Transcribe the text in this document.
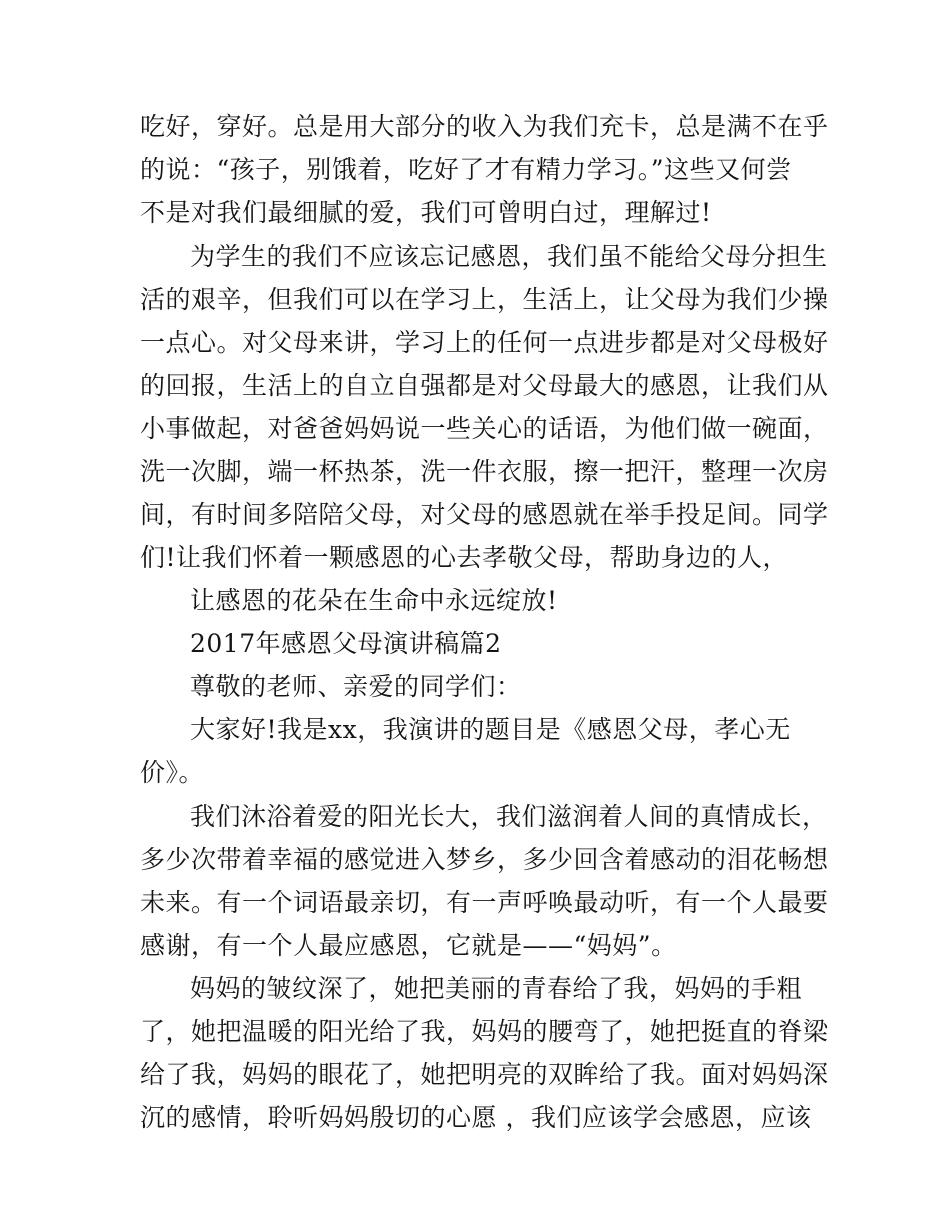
吃好，穿好。总是用大部分的收入为我们充卡，总是满不在乎
的说：“孩子，别饿着，吃好了才有精力学习。”这些又何尝
不是对我们最细腻的爱，我们可曾明白过，理解过!
为学生的我们不应该忘记感恩，我们虽不能给父母分担生
活的艰辛，但我们可以在学习上，生活上，让父母为我们少操
一点心。对父母来讲，学习上的任何一点进步都是对父母极好
的回报，生活上的自立自强都是对父母最大的感恩，让我们从
小事做起，对爸爸妈妈说一些关心的话语，为他们做一碗面，
洗一次脚，端一杯热茶，洗一件衣服，擦一把汗，整理一次房
间，有时间多陪陪父母，对父母的感恩就在举手投足间。同学
们!让我们怀着一颗感恩的心去孝敬父母，帮助身边的人，
让感恩的花朵在生命中永远绽放!
2017年感恩父母演讲稿篇2
尊敬的老师、亲爱的同学们：
大家好!我是xx，我演讲的题目是《感恩父母，孝心无
价》。
我们沐浴着爱的阳光长大，我们滋润着人间的真情成长，
多少次带着幸福的感觉进入梦乡，多少回含着感动的泪花畅想
未来。有一个词语最亲切，有一声呼唤最动听，有一个人最要
感谢，有一个人最应感恩，它就是——“妈妈”。
妈妈的皱纹深了，她把美丽的青春给了我，妈妈的手粗
了，她把温暖的阳光给了我，妈妈的腰弯了，她把挺直的脊梁
给了我，妈妈的眼花了，她把明亮的双眸给了我。面对妈妈深
沉的感情，聆听妈妈殷切的心愿 ，我们应该学会感恩，应该
